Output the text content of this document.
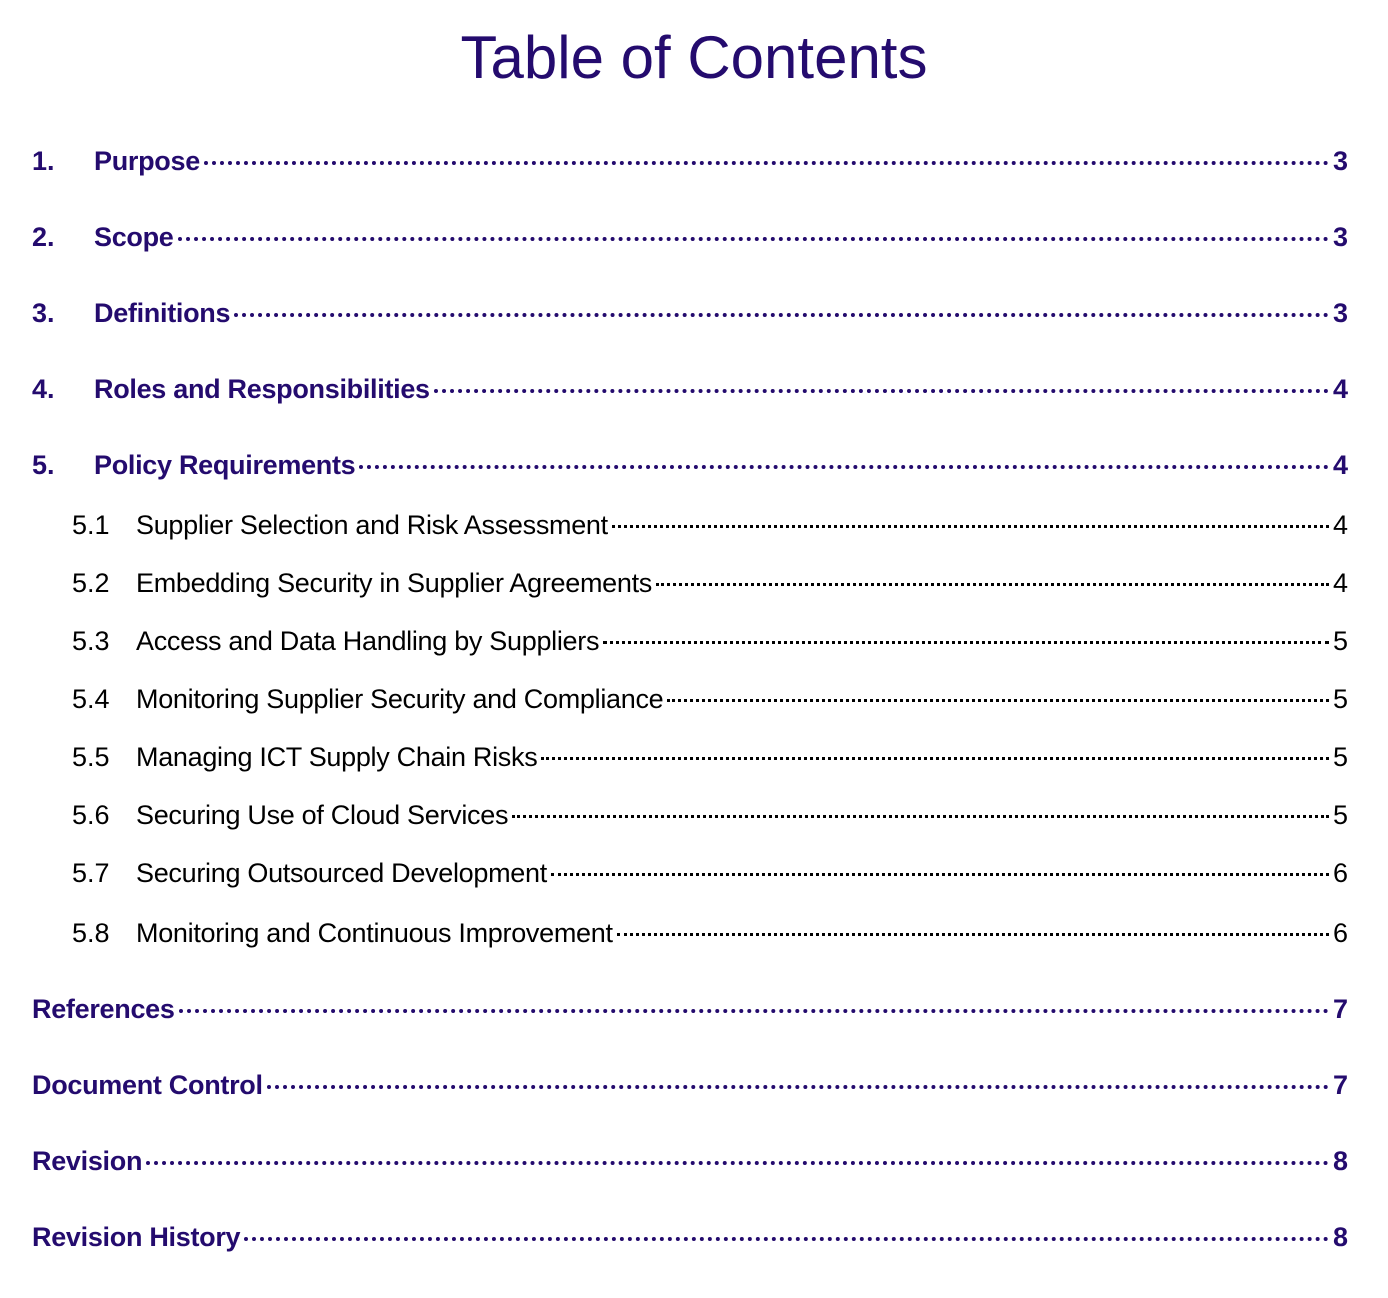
Table of Contents
1.	Purpose	3
2.	Scope	3
3.	Definitions	3
4.	Roles and Responsibilities	4
5.	Policy Requirements	4
5.1 Supplier Selection and Risk Assessment	4
5.2 Embedding Security in Supplier Agreements	4
5.3 Access and Data Handling by Suppliers	5
5.4 Monitoring Supplier Security and Compliance	5
5.5 Managing ICT Supply Chain Risks	5
5.6 Securing Use of Cloud Services	5
5.7 Securing Outsourced Development	6
5.8 Monitoring and Continuous Improvement	6
References	7
Document Control	7
Revision	8
Revision History	8
